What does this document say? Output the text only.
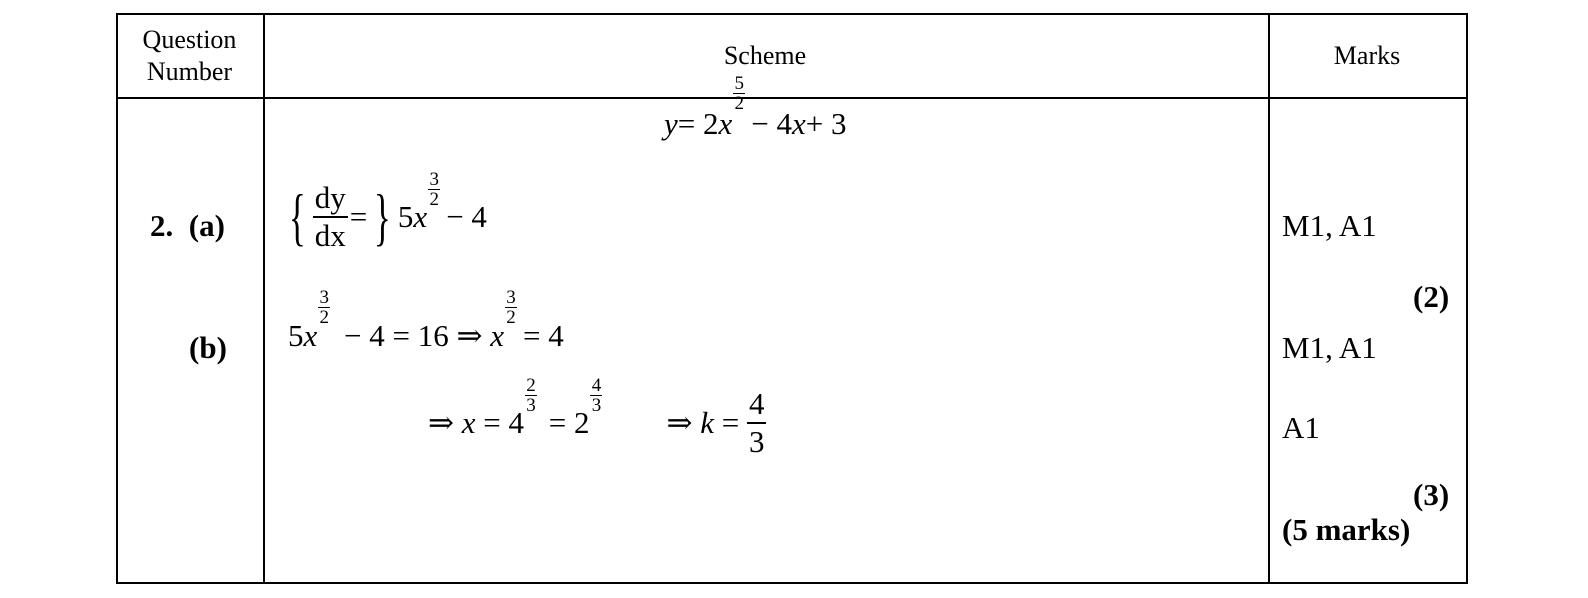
Question
Number
Scheme	Marks
2. (a)
(b)
y = 2 x
5
2
− 4 x + 3
{ $\frac{dy}{dx}$ = } 5 x
3
2 − 4
5 x
3
2 − 4 = 16 ⇒ x
3
2 = 4
⇒ x = 4
2
3 = 2
4
3 ⇒ $k = \frac{4}{3}$
M1, A1
(2)
M1, A1
A1
(3)
(5 marks)
